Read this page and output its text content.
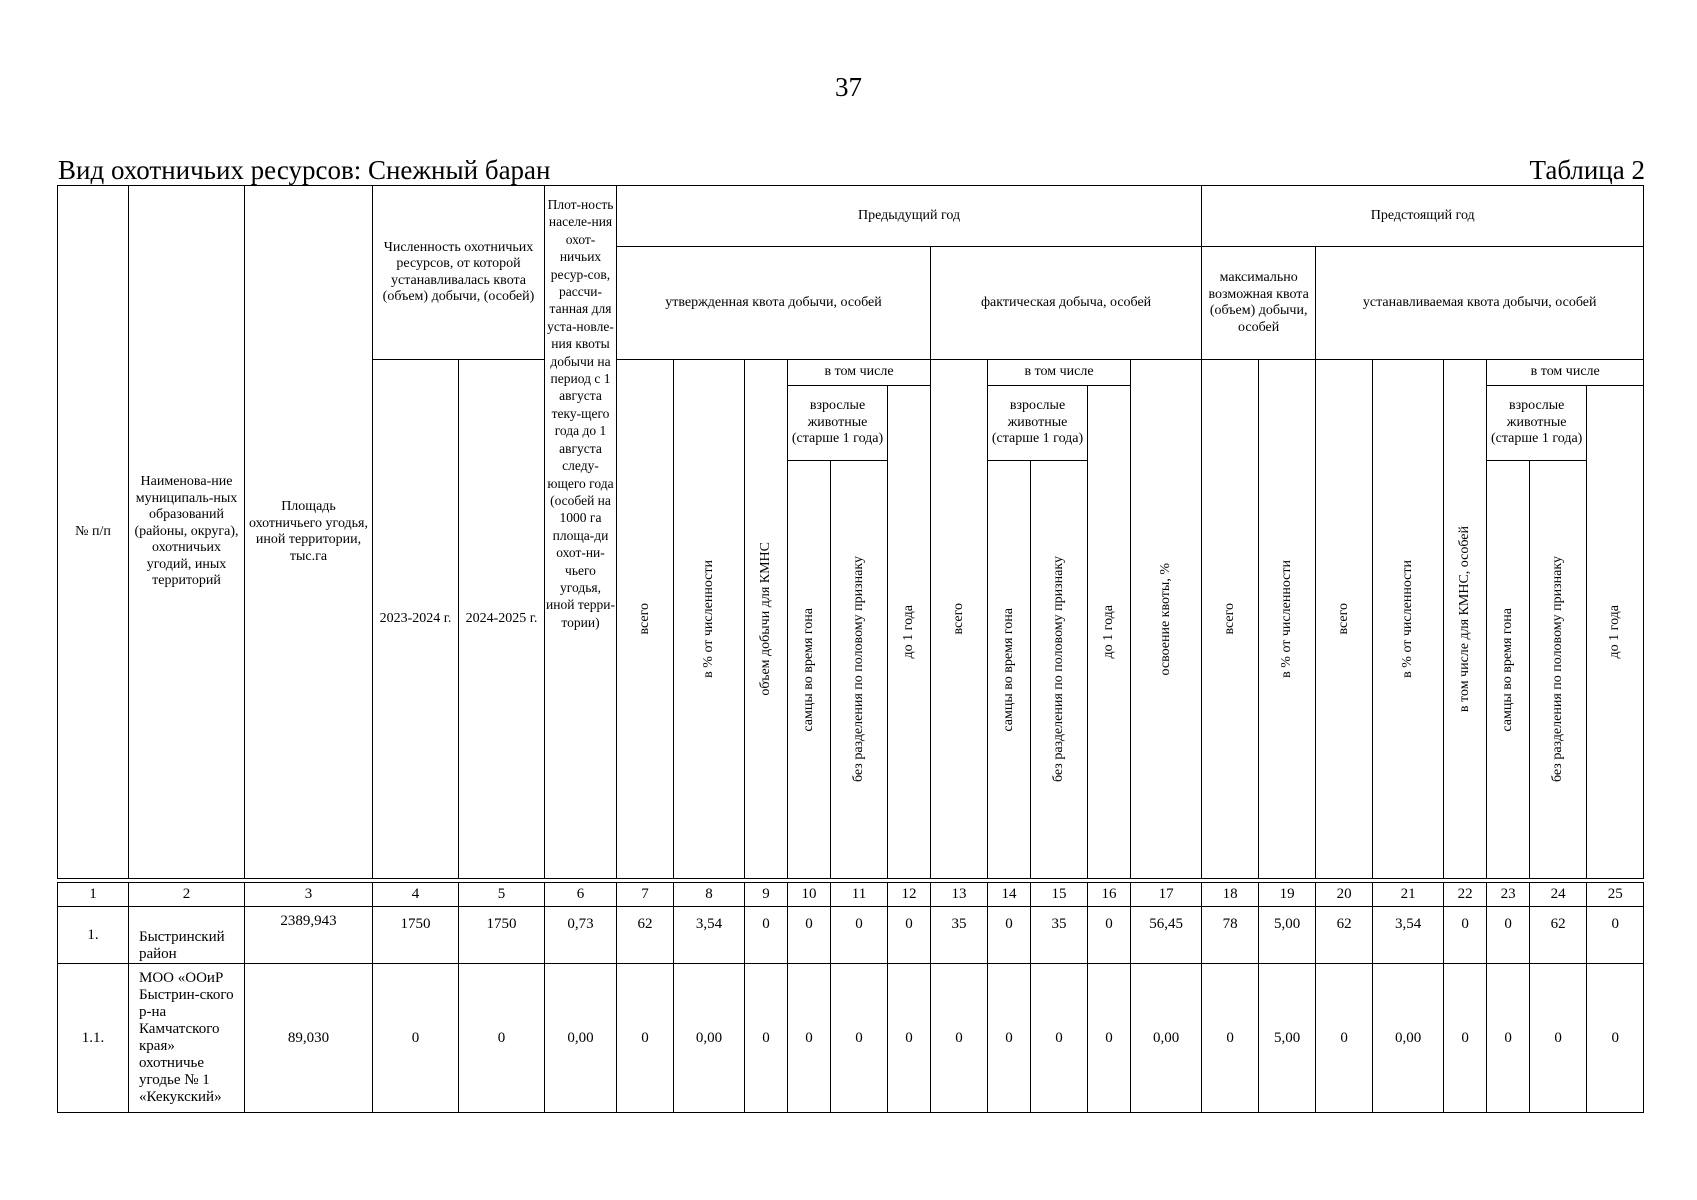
37
Вид охотничьих ресурсов: Снежный баран	Таблица 2
№ п/п	Наименова-ние муниципаль-ных образований (районы, округа), охотничьих угодий, иных территорий	Площадь охотничьего угодья, иной территории, тыс.га	Численность охотничьих ресурсов, от которой устанавливалась квота (объем) добычи, (особей)		Плот-ность населе-ния охот-ничьих ресур-сов, рассчи-танная для уста-новле-ния квоты добычи на период с 1 августа теку-щего года до 1 августа следу-ющего года (особей на 1000 га площа-ди охот-ни-чьего угодья, иной терри-тории)	Предыдущий год											Предстоящий год							
						утвержденная квота добычи, особей						фактическая добыча, особей					максимально возможная квота (объем) добычи, особей		устанавливаемая квота добычи, особей					
			2023-2024 г.	2024-2025 г.		всего	в % от численности	объем добычи для КМНС	в том числе			всего	в том числе			освоение квоты, %	всего	в % от численности	всего	в % от численности	в том числе для КМНС, особей	в том числе		
									взрослые животные (старше 1 года)		до 1 года		взрослые животные (старше 1 года)		до 1 года							взрослые животные (старше 1 года)		до 1 года

									самцы во время гона	без разделения по половому признаку			самцы во время гона	без разделения по половому признаку								самцы во время гона	без разделения по половому признаку	

1	2	3	4	5	6	7	8	9	10	11	12	13	14	15	16	17	18	19	20	21	22	23	24	25
1.	Быстринский район	2389,943	1750	1750	0,73	62	3,54	0	0	0	0	35	0	35	0	56,45	78	5,00	62	3,54	0	0	62	0
1.1.	МОО «ООиР Быстрин-ского р-на Камчатского края» охотничье угодье № 1 «Кекукский»	89,030	0	0	0,00	0	0,00	0	0	0	0	0	0	0	0	0,00	0	5,00	0	0,00	0	0	0	0
